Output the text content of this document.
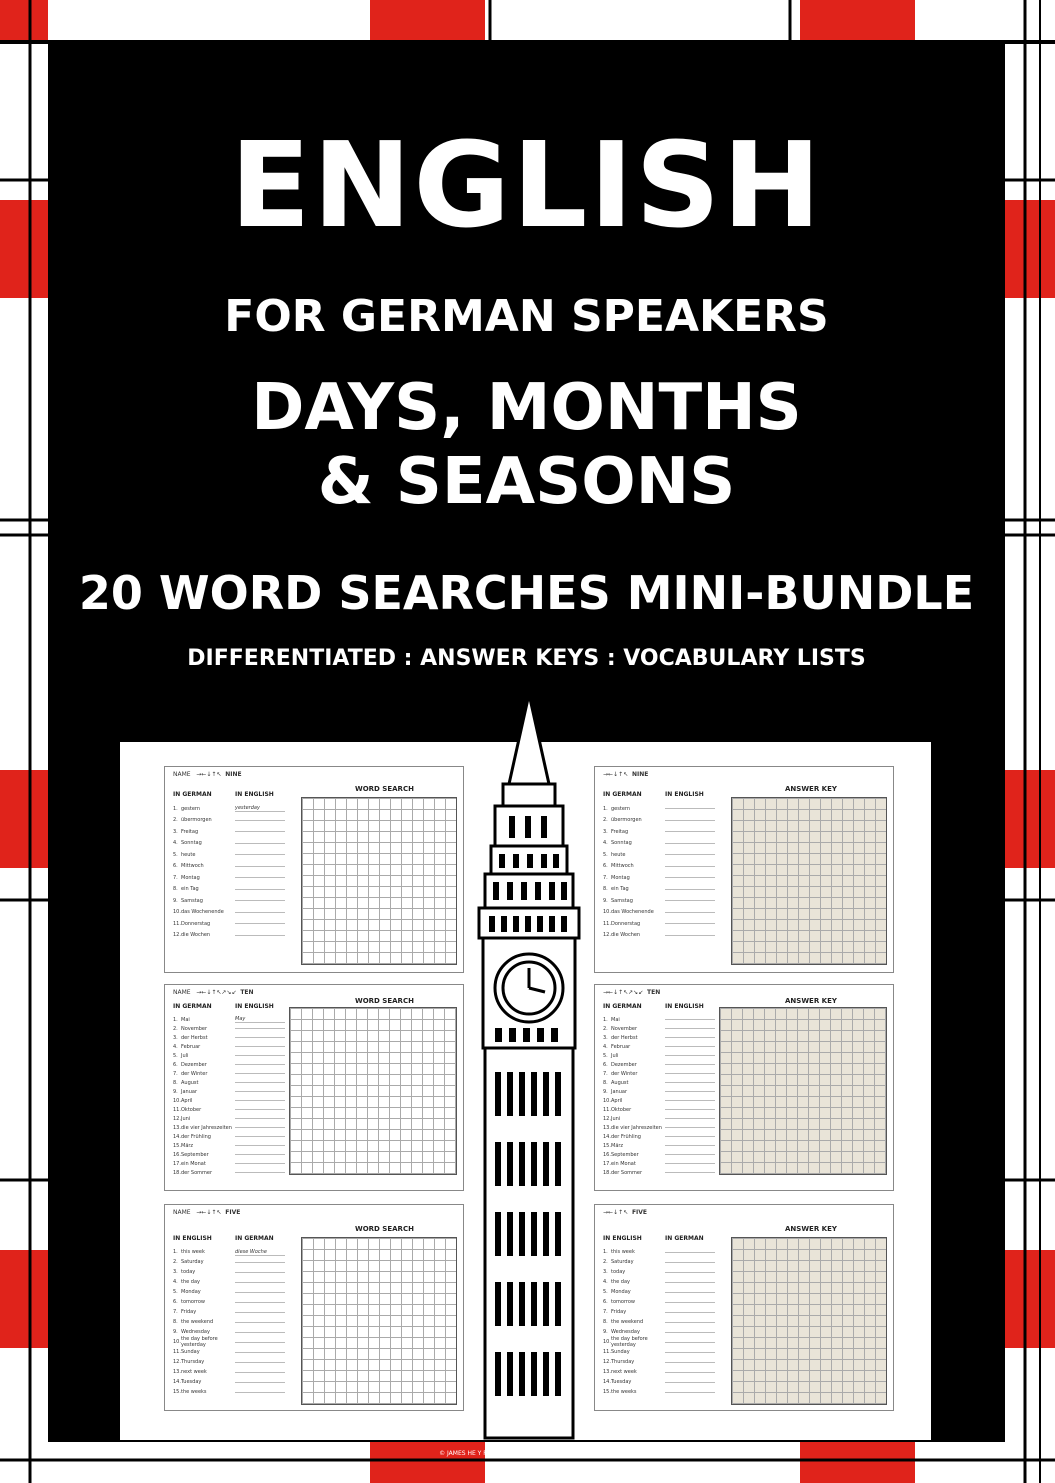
ENGLISH
FOR GERMAN SPEAKERS
DAYS, MONTHS
& SEASONS
20 WORD SEARCHES MINI-BUNDLE
DIFFERENTIATED : ANSWER KEYS : VOCABULARY LISTS
NAME   →←↓↑↖  NINE
WORD SEARCH
IN GERMAN	IN ENGLISH
1. gestern	yesterday
2. übermorgen
3. Freitag
4. Sonntag
5. heute
6. Mittwoch
7. Montag
8. ein Tag
9. Samstag
10. das Wochenende
11. Donnerstag
12. die Wochen
NAME   →←↓↑↖↗↘↙  TEN
WORD SEARCH
IN GERMAN	IN ENGLISH
1. Mai	May
2. November
3. der Herbst
4. Februar
5. Juli
6. Dezember
7. der Winter
8. August
9. Januar
10. April
11. Oktober
12. Juni
13. die vier Jahreszeiten
14. der Frühling
15. März
16. September
17. ein Monat
18. der Sommer
NAME   →←↓↑↖  FIVE
WORD SEARCH
IN ENGLISH	IN GERMAN
1. this week	diese Woche
2. Saturday
3. today
4. the day
5. Monday
6. tomorrow
7. Friday
8. the weekend
9. Wednesday
10. the day before yesterday
11. Sunday
12. Thursday
13. next week
14. Tuesday
15. the weeks
→←↓↑↖  NINE
ANSWER KEY
IN GERMAN	IN ENGLISH
1. gestern
2. übermorgen
3. Freitag
4. Sonntag
5. heute
6. Mittwoch
7. Montag
8. ein Tag
9. Samstag
10. das Wochenende
11. Donnerstag
12. die Wochen
→←↓↑↖↗↘↙  TEN
ANSWER KEY
IN GERMAN	IN ENGLISH
1. Mai
2. November
3. der Herbst
4. Februar
5. Juli
6. Dezember
7. der Winter
8. August
9. Januar
10. April
11. Oktober
12. Juni
13. die vier Jahreszeiten
14. der Frühling
15. März
16. September
17. ein Monat
18. der Sommer
→←↓↑↖  FIVE
ANSWER KEY
IN ENGLISH	IN GERMAN
1. this week
2. Saturday
3. today
4. the day
5. Monday
6. tomorrow
7. Friday
8. the weekend
9. Wednesday
10. the day before yesterday
11. Sunday
12. Thursday
13. next week
14. Tuesday
15. the weeks
© JAMES HE Y PUBLISHING, 2019 - ALL RIGHTS RESERVED
